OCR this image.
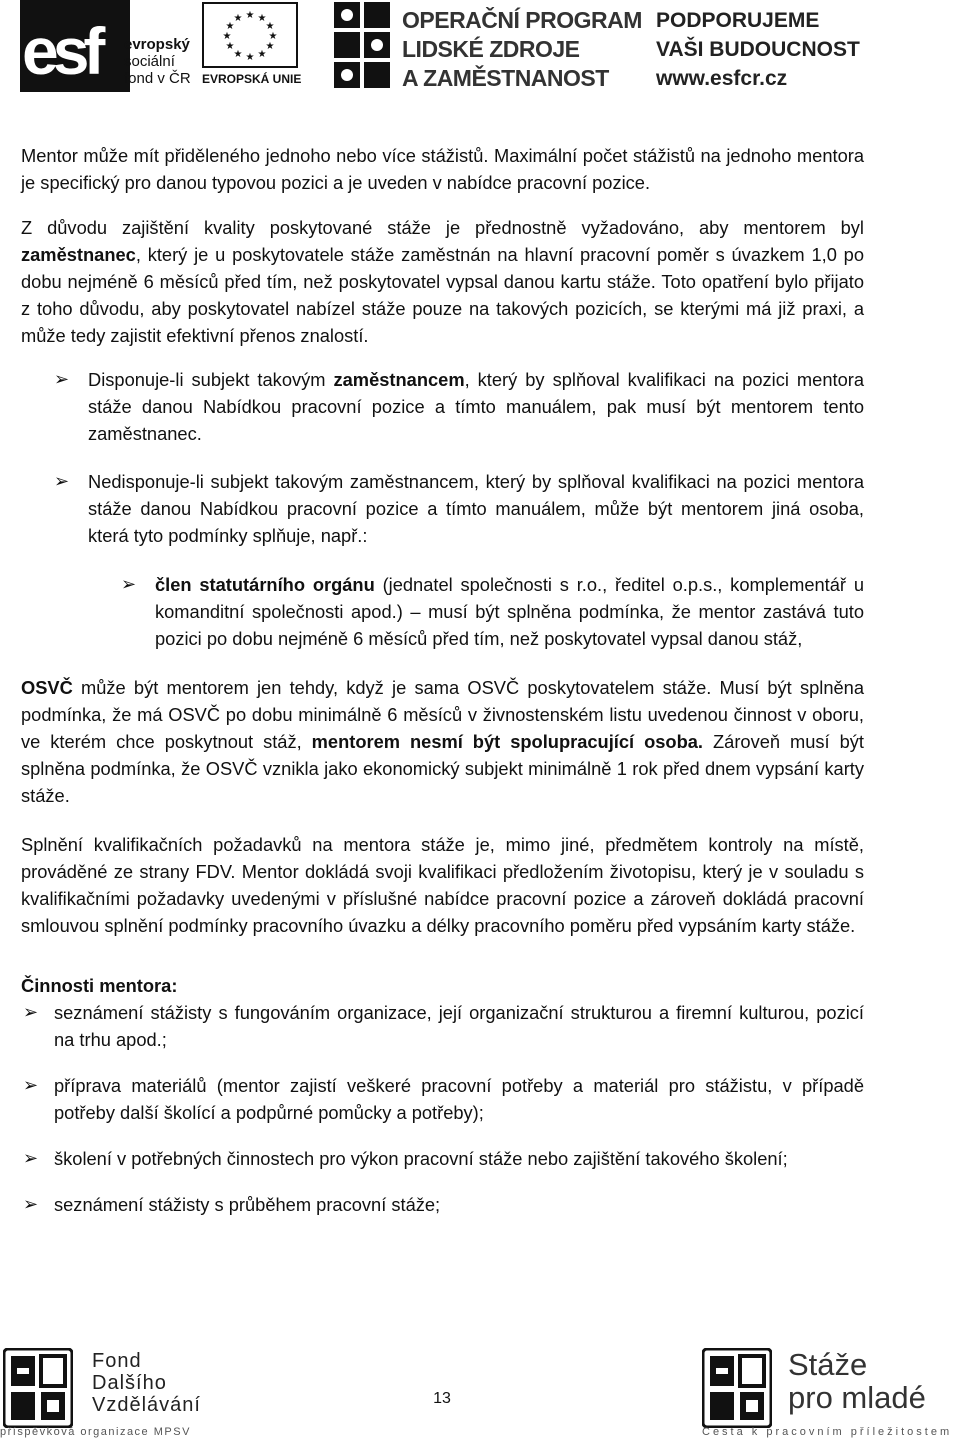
esf evropský
sociální
fond v ČR
★ ★
★
★
★
★
★
★
★
★
★
★
EVROPSKÁ UNIE
OPERAČNÍ PROGRAM
LIDSKÉ ZDROJE
A ZAMĚSTNANOST
PODPORUJEME
VAŠI BUDOUCNOST
www.esfcr.cz

Mentor může mít přiděleného jednoho nebo více stážistů. Maximální počet stážistů na jednoho mentora je specifický pro danou typovou pozici a je uveden v nabídce pracovní pozice.

Z důvodu zajištění kvality poskytované stáže je přednostně vyžadováno, aby mentorem byl zaměstnanec, který je u poskytovatele stáže zaměstnán na hlavní pracovní poměr s úvazkem 1,0 po dobu nejméně 6 měsíců před tím, než poskytovatel vypsal danou kartu stáže. Toto opatření bylo přijato z toho důvodu, aby poskytovatel nabízel stáže pouze na takových pozicích, se kterými má již praxi, a může tedy zajistit efektivní přenos znalostí.

➢ Disponuje-li subjekt takovým zaměstnancem, který by splňoval kvalifikaci na pozici mentora stáže danou Nabídkou pracovní pozice a tímto manuálem, pak musí být mentorem tento zaměstnanec.
➢ Nedisponuje-li subjekt takovým zaměstnancem, který by splňoval kvalifikaci na pozici mentora stáže danou Nabídkou pracovní pozice a tímto manuálem, může být mentorem jiná osoba, která tyto podmínky splňuje, např.:
➢ člen statutárního orgánu (jednatel společnosti s r.o., ředitel o.p.s., komplementář u komanditní společnosti apod.) – musí být splněna podmínka, že mentor zastává tuto pozici po dobu nejméně 6 měsíců před tím, než poskytovatel vypsal danou stáž,

OSVČ může být mentorem jen tehdy, když je sama OSVČ poskytovatelem stáže. Musí být splněna podmínka, že má OSVČ po dobu minimálně 6 měsíců v živnostenském listu uvedenou činnost v oboru, ve kterém chce poskytnout stáž, mentorem nesmí být spolupracující osoba. Zároveň musí být splněna podmínka, že OSVČ vznikla jako ekonomický subjekt minimálně 1 rok před dnem vypsání karty stáže.

Splnění kvalifikačních požadavků na mentora stáže je, mimo jiné, předmětem kontroly na místě, prováděné ze strany FDV. Mentor dokládá svoji kvalifikaci předložením životopisu, který je v souladu s kvalifikačními požadavky uvedenými v příslušné nabídce pracovní pozice a zároveň dokládá pracovní smlouvou splnění podmínky pracovního úvazku a délky pracovního poměru před vypsáním karty stáže.

Činnosti mentora:
➢ seznámení stážisty s fungováním organizace, její organizační strukturou a firemní kulturou, pozicí na trhu apod.;
➢ příprava materiálů (mentor zajistí veškeré pracovní potřeby a materiál pro stážistu, v případě potřeby další školící a podpůrné pomůcky a potřeby);
➢ školení v potřebných činnostech pro výkon pracovní stáže nebo zajištění takového školení;
➢ seznámení stážisty s průběhem pracovní stáže;
Fond
Dalšího
Vzdělávání
příspěvková organizace MPSV
13
Stáže
pro mladé
Cesta k pracovním příležitostem
